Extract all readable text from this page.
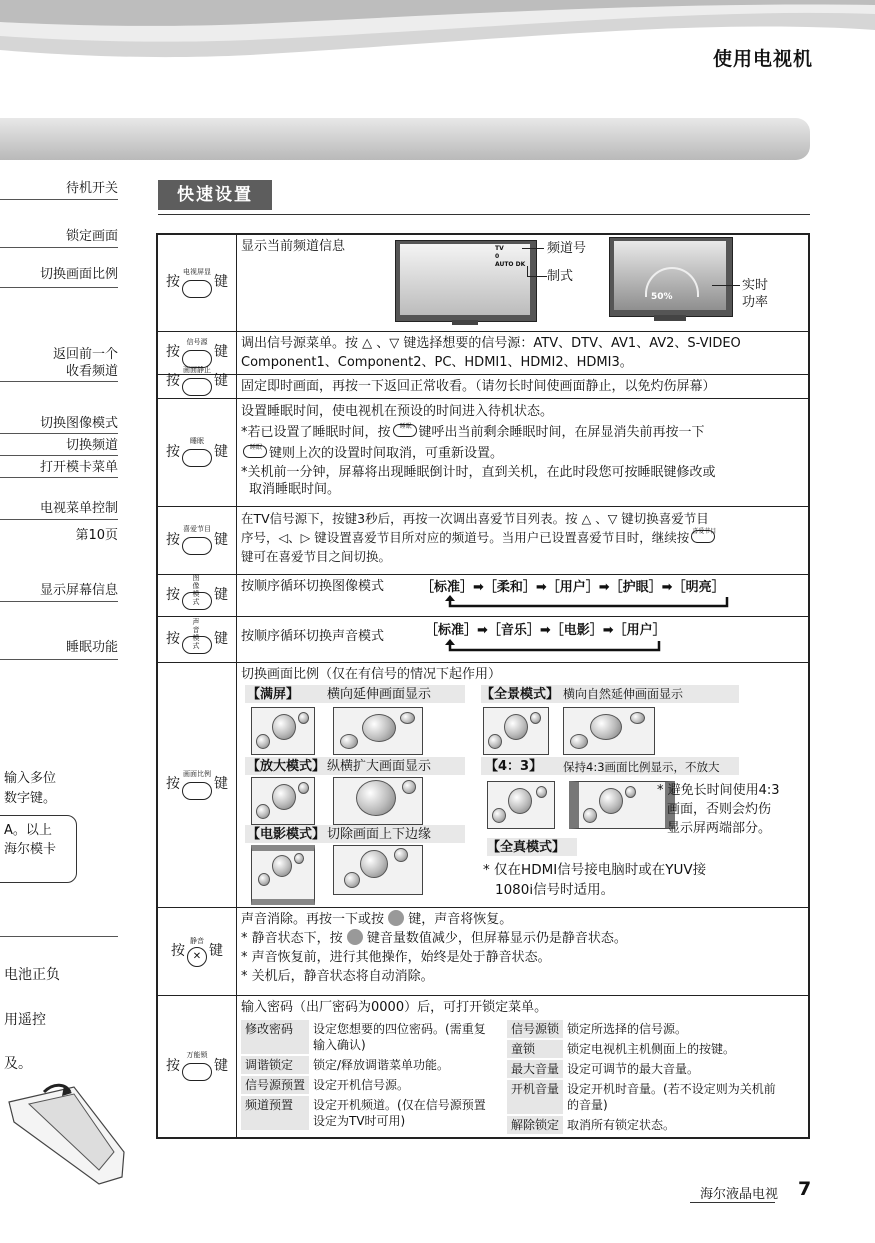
使用电视机
待机开关
锁定画面
切换画面比例
返回前一个
收看频道
切换图像模式
切换频道
打开模卡菜单
电视菜单控制
第10页
显示屏幕信息
睡眠功能
输入多位
数字键。
A。以上
海尔模卡
电池正负
用遥控
及。
快速设置
按
电视屏显
键
	显示当前频道信息	TV
0
AUTO DK
频道号
制式
50%
实时
功率

按
信号源
键
	调出信号源菜单。按 △ 、▽ 键选择想要的信号源：ATV、DTV、AV1、AV2、S-VIDEO
Component1、Component2、PC、HDMI1、HDMI2、HDMI3。

按
画面静止
键	固定即时画面，再按一下返回正常收看。（请勿长时间使画面静止，以免灼伤屏幕）

按
睡眠
键

设置睡眠时间，使电视机在预设的时间进入待机状态。
*若已设置了睡眠时间，按	睡眠 键呼出当前剩余睡眠时间，在屏显消失前再按一下
睡眠 键则上次的设置时间取消，可重新设置。
*关机前一分钟，屏幕将出现睡眠倒计时，直到关机，在此时段您可按睡眠键修改或
取消睡眠时间。

按
喜爱节目
键

在TV信号源下，按键3秒后，再按一次调出喜爱节目列表。按 △ 、▽ 键切换喜爱节目
序号，◁、▷ 键设置喜爱节目所对应的频道号。当用户已设置喜爱节目时，继续按 喜爱节目
键可在喜爱节目之间切换。

按
图像模式 键
	按顺序循环切换图像模式	［标准］➡［柔和］➡［用户］➡［护眼］➡［明亮］

按
声音模式 键	按顺序循环切换声音模式	［标准］➡［音乐］➡［电影］➡［用户］

按
画面比例
键

切换画面比例（仅在有信号的情况下起作用）
【满屏】 横向延伸画面显示	【全景模式】 横向自然延伸画面显示
【放大模式】 纵横扩大画面显示	【4：3】 保持4:3画面比例显示，不放大
* 避免长时间使用4:3
画面，否则会灼伤
显示屏两端部分。
【电影模式】 切除画面上下边缘
【全真模式】
* 仅在HDMI信号接电脑时或在YUV接
1080i信号时适用。

按
静音
✕ 键

声音消除。再按一下或按  键，声音将恢复。
* 静音状态下，按  键音量数值减少，但屏幕显示仍是静音状态。
* 声音恢复前，进行其他操作，始终是处于静音状态。
* 关机后，静音状态将自动消除。

按
万能锁
键

输入密码（出厂密码为0000）后，可打开锁定菜单。
修改密码	设定您想要的四位密码。(需重复输入确认)
调谐锁定	锁定/释放调谐菜单功能。
信号源预置	设定开机信号源。
频道预置	设定开机频道。(仅在信号源预置设定为TV时可用)
信号源锁	锁定所选择的信号源。
童锁	锁定电视机主机侧面上的按键。
最大音量	设定可调节的最大音量。
开机音量	设定开机时音量。(若不设定则为关机前的音量)
解除锁定	取消所有锁定状态。
海尔液晶电视 7
